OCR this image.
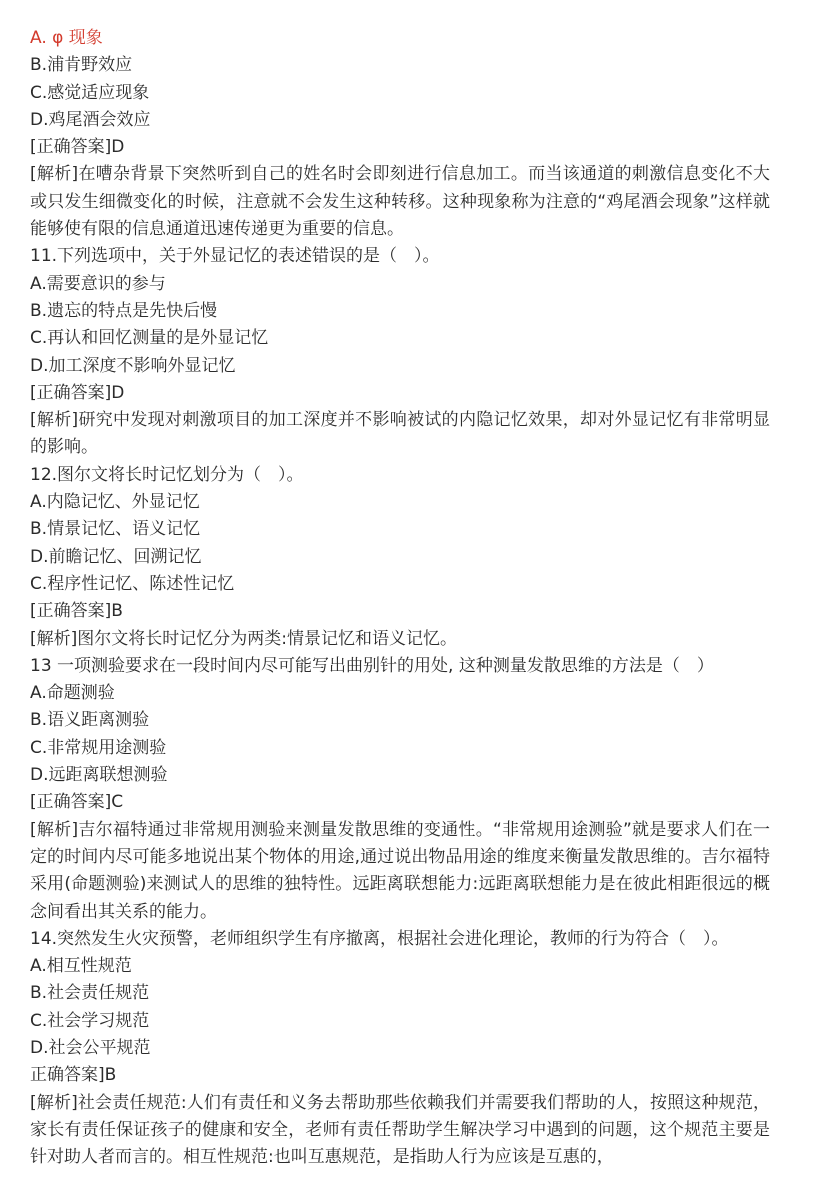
A. φ 现象
B.浦肯野效应
C.感觉适应现象
D.鸡尾酒会效应
[正确答案]D
[解析]在嘈杂背景下突然听到自己的姓名时会即刻进行信息加工。而当该通道的刺激信息变化不大或只发生细微变化的时候，注意就不会发生这种转移。这种现象称为注意的“鸡尾酒会现象”这样就能够使有限的信息通道迅速传递更为重要的信息。
11.下列选项中，关于外显记忆的表述错误的是（　）。
A.需要意识的参与
B.遗忘的特点是先快后慢
C.再认和回忆测量的是外显记忆
D.加工深度不影响外显记忆
[正确答案]D
[解析]研究中发现对刺激项目的加工深度并不影响被试的内隐记忆效果，却对外显记忆有非常明显的影响。
12.图尔文将长时记忆划分为（　）。
A.内隐记忆、外显记忆
B.情景记忆、语义记忆
D.前瞻记忆、回溯记忆
C.程序性记忆、陈述性记忆
[正确答案]B
[解析]图尔文将长时记忆分为两类:情景记忆和语义记忆。
13 一项测验要求在一段时间内尽可能写出曲别针的用处, 这种测量发散思维的方法是（　）
A.命题测验
B.语义距离测验
C.非常规用途测验
D.远距离联想测验
[正确答案]C
[解析]吉尔福特通过非常规用测验来测量发散思维的变通性。“非常规用途测验”就是要求人们在一定的时间内尽可能多地说出某个物体的用途,通过说出物品用途的维度来衡量发散思维的。吉尔福特采用(命题测验)来测试人的思维的独特性。远距离联想能力:远距离联想能力是在彼此相距很远的概念间看出其关系的能力。
14.突然发生火灾预警，老师组织学生有序撤离，根据社会进化理论，教师的行为符合（　）。
A.相互性规范
B.社会责任规范
C.社会学习规范
D.社会公平规范
正确答案]B
[解析]社会责任规范:人们有责任和义务去帮助那些依赖我们并需要我们帮助的人，按照这种规范，家长有责任保证孩子的健康和安全，老师有责任帮助学生解决学习中遇到的问题，这个规范主要是针对助人者而言的。相互性规范:也叫互惠规范，是指助人行为应该是互惠的，
